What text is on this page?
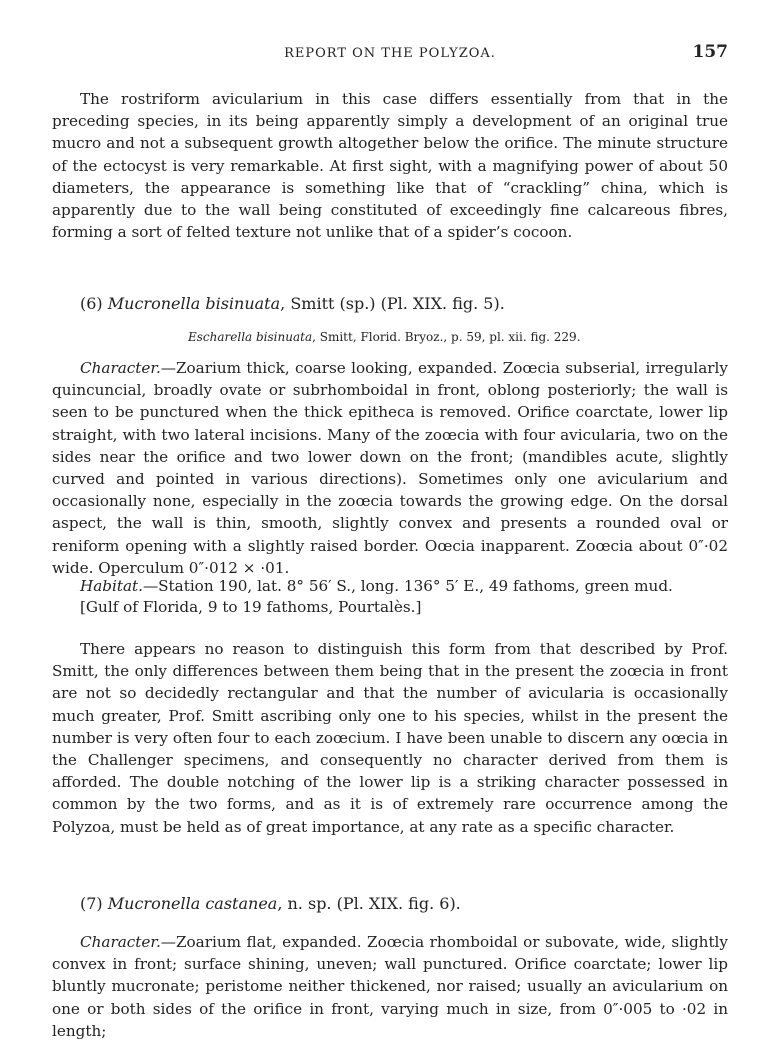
REPORT ON THE POLYZOA.	157

The rostriform avicularium in this case differs essentially from that in the preceding species, in its being apparently simply a development of an original true mucro and not a subsequent growth altogether below the orifice. The minute structure of the ectocyst is very remarkable. At first sight, with a magnifying power of about 50 diameters, the appearance is something like that of “crackling” china, which is apparently due to the wall being constituted of exceedingly fine calcareous fibres, forming a sort of felted texture not unlike that of a spider’s cocoon.

(6) Mucronella bisinuata, Smitt (sp.) (Pl. XIX. fig. 5).

Escharella bisinuata, Smitt, Florid. Bryoz., p. 59, pl. xii. fig. 229.

Character.—Zoarium thick, coarse looking, expanded. Zoœcia subserial, irregularly quincuncial, broadly ovate or subrhomboidal in front, oblong posteriorly; the wall is seen to be punctured when the thick epitheca is removed. Orifice coarctate, lower lip straight, with two lateral incisions. Many of the zoœcia with four avicularia, two on the sides near the orifice and two lower down on the front; (mandibles acute, slightly curved and pointed in various directions). Sometimes only one avicularium and occasionally none, especially in the zoœcia towards the growing edge. On the dorsal aspect, the wall is thin, smooth, slightly convex and presents a rounded oval or reniform opening with a slightly raised border. Oœcia inapparent. Zoœcia about 0″·02 wide. Operculum 0″·012 × ·01.

Habitat.—Station 190, lat. 8° 56′ S., long. 136° 5′ E., 49 fathoms, green mud.

[Gulf of Florida, 9 to 19 fathoms, Pourtalès.]

There appears no reason to distinguish this form from that described by Prof. Smitt, the only differences between them being that in the present the zoœcia in front are not so decidedly rectangular and that the number of avicularia is occasionally much greater, Prof. Smitt ascribing only one to his species, whilst in the present the number is very often four to each zoœcium. I have been unable to discern any oœcia in the Challenger specimens, and consequently no character derived from them is afforded. The double notching of the lower lip is a striking character possessed in common by the two forms, and as it is of extremely rare occurrence among the Polyzoa, must be held as of great importance, at any rate as a specific character.

(7) Mucronella castanea, n. sp. (Pl. XIX. fig. 6).

Character.—Zoarium flat, expanded. Zoœcia rhomboidal or subovate, wide, slightly convex in front; surface shining, uneven; wall punctured. Orifice coarctate; lower lip bluntly mucronate; peristome neither thickened, nor raised; usually an avicularium on one or both sides of the orifice in front, varying much in size, from 0″·005 to ·02 in length;
